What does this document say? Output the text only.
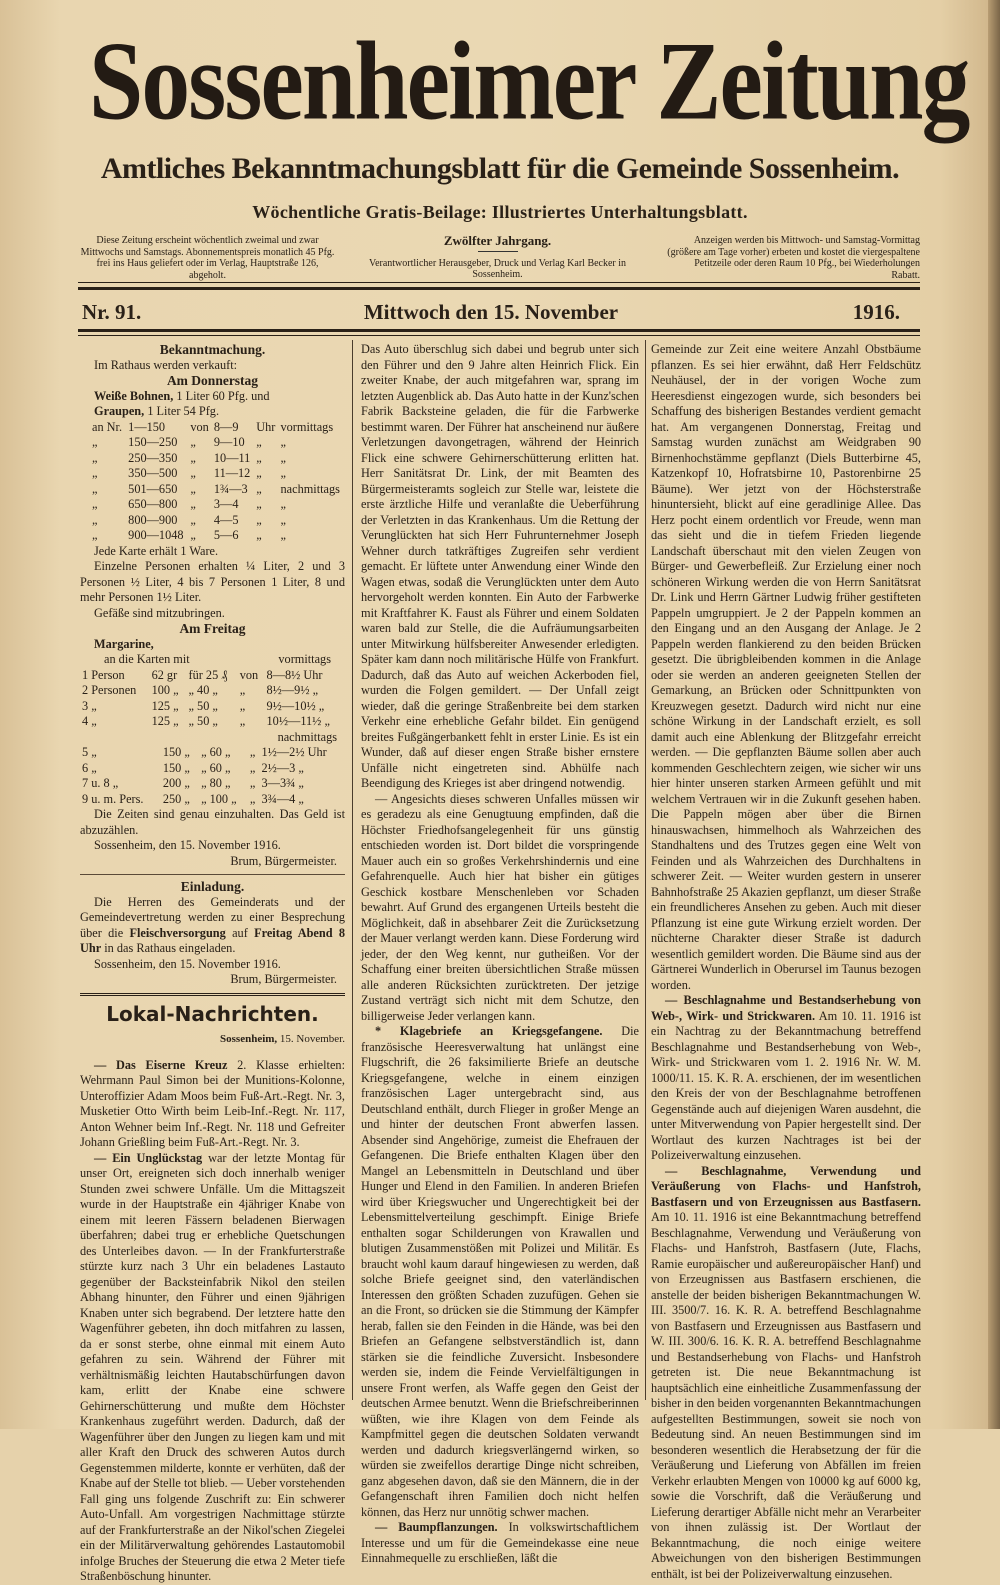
Sossenheimer Zeitung
Amtliches Bekanntmachungsblatt für die Gemeinde Sossenheim.
Wöchentliche Gratis-Beilage: Illustriertes Unterhaltungsblatt.
Diese Zeitung erscheint wöchentlich zweimal und zwar Mittwochs und Samstags. Abonnementspreis monatlich 45 Pfg. frei ins Haus geliefert oder im Verlag, Hauptstraße 126, abgeholt.
Zwölfter Jahrgang.
Verantwortlicher Herausgeber, Druck und Verlag Karl Becker in Sossenheim.
Anzeigen werden bis Mittwoch- und Samstag-Vormittag (größere am Tage vorher) erbeten und kostet die viergespaltene Petitzeile oder deren Raum 10 Pfg., bei Wiederholungen Rabatt.
Nr. 91.	Mittwoch den 15. November	1916.
Bekanntmachung.

Im Rathaus werden verkauft:

Am Donnerstag

Weiße Bohnen, 1 Liter 60 Pfg. und

Graupen, 1 Liter 54 Pfg.

an Nr.	1—150	von	8—9	Uhr	vormittags
„	150—250	„	9—10	„	„
„	250—350	„	10—11	„	„
„	350—500	„	11—12	„	„
„	501—650	„	1¾—3	„	nachmittags
„	650—800	„	3—4	„	„
„	800—900	„	4—5	„	„
„	900—1048	„	5—6	„	„

Jede Karte erhält 1 Ware.

Einzelne Personen erhalten ¼ Liter, 2 und 3 Personen ½ Liter, 4 bis 7 Personen 1 Liter, 8 und mehr Personen 1½ Liter.

Gefäße sind mitzubringen.

Am Freitag

Margarine,

an die Karten mit	vormittags
1 Person	62 gr	für 25 ₰	von	8—8½ Uhr
2 Personen	100 „	„ 40 „	„	8½—9½ „
3 „	125 „	„ 50 „	„	9½—10½ „
4 „	125 „	„ 50 „	„	10½—11½ „
nachmittags
5 „	150 „	„ 60 „	„	1½—2½ Uhr
6 „	150 „	„ 60 „	„	2½—3 „
7 u. 8 „	200 „	„ 80 „	„	3—3¾ „
9 u. m. Pers.	250 „	„ 100 „	„	3¾—4 „

Die Zeiten sind genau einzuhalten. Das Geld ist abzuzählen.

Sossenheim, den 15. November 1916.

Brum, Bürgermeister.
Einladung.

Die Herren des Gemeinderats und der Gemeindevertretung werden zu einer Besprechung über die Fleischversorgung auf Freitag Abend 8 Uhr in das Rathaus eingeladen.

Sossenheim, den 15. November 1916.

Brum, Bürgermeister.
Lokal-Nachrichten.
Sossenheim, 15. November.

— Das Eiserne Kreuz 2. Klasse erhielten: Wehrmann Paul Simon bei der Munitions-Kolonne, Unteroffizier Adam Moos beim Fuß-Art.-Regt. Nr. 3, Musketier Otto Wirth beim Leib-Inf.-Regt. Nr. 117, Anton Wehner beim Inf.-Regt. Nr. 118 und Gefreiter Johann Grießling beim Fuß-Art.-Regt. Nr. 3.

— Ein Unglückstag war der letzte Montag für unser Ort, ereigneten sich doch innerhalb weniger Stunden zwei schwere Unfälle. Um die Mittagszeit wurde in der Hauptstraße ein 4jähriger Knabe von einem mit leeren Fässern beladenen Bierwagen überfahren; dabei trug er erhebliche Quetschungen des Unterleibes davon. — In der Frankfurterstraße stürzte kurz nach 3 Uhr ein beladenes Lastauto gegenüber der Backsteinfabrik Nikol den steilen Abhang hinunter, den Führer und einen 9jährigen Knaben unter sich begrabend. Der letztere hatte den Wagenführer gebeten, ihn doch mitfahren zu lassen, da er sonst sterbe, ohne einmal mit einem Auto gefahren zu sein. Während der Führer mit verhältnismäßig leichten Hautabschürfungen davon kam, erlitt der Knabe eine schwere Gehirnerschütterung und mußte dem Höchster Krankenhaus zugeführt werden. Dadurch, daß der Wagenführer über den Jungen zu liegen kam und mit aller Kraft den Druck des schweren Autos durch Gegenstemmen milderte, konnte er verhüten, daß der Knabe auf der Stelle tot blieb. — Ueber vorstehenden Fall ging uns folgende Zuschrift zu: Ein schwerer Auto-Unfall. Am vorgestrigen Nachmittage stürzte auf der Frankfurterstraße an der Nikol'schen Ziegelei ein der Militärverwaltung gehörendes Lastautomobil infolge Bruches der Steuerung die etwa 2 Meter tiefe Straßenböschung hinunter.

Das Auto überschlug sich dabei und begrub unter sich den Führer und den 9 Jahre alten Heinrich Flick. Ein zweiter Knabe, der auch mitgefahren war, sprang im letzten Augenblick ab. Das Auto hatte in der Kunz'schen Fabrik Backsteine geladen, die für die Farbwerke bestimmt waren. Der Führer hat anscheinend nur äußere Verletzungen davongetragen, während der Heinrich Flick eine schwere Gehirnerschütterung erlitten hat. Herr Sanitätsrat Dr. Link, der mit Beamten des Bürgermeisteramts sogleich zur Stelle war, leistete die erste ärztliche Hilfe und veranlaßte die Ueberführung der Verletzten in das Krankenhaus. Um die Rettung der Verunglückten hat sich Herr Fuhrunternehmer Joseph Wehner durch tatkräftiges Zugreifen sehr verdient gemacht. Er lüftete unter Anwendung einer Winde den Wagen etwas, sodaß die Verunglückten unter dem Auto hervorgeholt werden konnten. Ein Auto der Farbwerke mit Kraftfahrer K. Faust als Führer und einem Soldaten waren bald zur Stelle, die die Aufräumungsarbeiten unter Mitwirkung hülfsbereiter Anwesender erledigten. Später kam dann noch militärische Hülfe von Frankfurt. Dadurch, daß das Auto auf weichen Ackerboden fiel, wurden die Folgen gemildert. — Der Unfall zeigt wieder, daß die geringe Straßenbreite bei dem starken Verkehr eine erhebliche Gefahr bildet. Ein genügend breites Fußgängerbankett fehlt in erster Linie. Es ist ein Wunder, daß auf dieser engen Straße bisher ernstere Unfälle nicht eingetreten sind. Abhülfe nach Beendigung des Krieges ist aber dringend notwendig.

— Angesichts dieses schweren Unfalles müssen wir es geradezu als eine Genugtuung empfinden, daß die Höchster Friedhofsangelegenheit für uns günstig entschieden worden ist. Dort bildet die vorspringende Mauer auch ein so großes Verkehrshindernis und eine Gefahrenquelle. Auch hier hat bisher ein gütiges Geschick kostbare Menschenleben vor Schaden bewahrt. Auf Grund des ergangenen Urteils besteht die Möglichkeit, daß in absehbarer Zeit die Zurücksetzung der Mauer verlangt werden kann. Diese Forderung wird jeder, der den Weg kennt, nur gutheißen. Vor der Schaffung einer breiten übersichtlichen Straße müssen alle anderen Rücksichten zurücktreten. Der jetzige Zustand verträgt sich nicht mit dem Schutze, den billigerweise Jeder verlangen kann.

* Klagebriefe an Kriegsgefangene. Die französische Heeresverwaltung hat unlängst eine Flugschrift, die 26 faksimilierte Briefe an deutsche Kriegsgefangene, welche in einem einzigen französischen Lager untergebracht sind, aus Deutschland enthält, durch Flieger in großer Menge an und hinter der deutschen Front abwerfen lassen. Absender sind Angehörige, zumeist die Ehefrauen der Gefangenen. Die Briefe enthalten Klagen über den Mangel an Lebensmitteln in Deutschland und über Hunger und Elend in den Familien. In anderen Briefen wird über Kriegswucher und Ungerechtigkeit bei der Lebensmittelverteilung geschimpft. Einige Briefe enthalten sogar Schilderungen von Krawallen und blutigen Zusammenstößen mit Polizei und Militär. Es braucht wohl kaum darauf hingewiesen zu werden, daß solche Briefe geeignet sind, den vaterländischen Interessen den größten Schaden zuzufügen. Gehen sie an die Front, so drücken sie die Stimmung der Kämpfer herab, fallen sie den Feinden in die Hände, was bei den Briefen an Gefangene selbstverständlich ist, dann stärken sie die feindliche Zuversicht. Insbesondere werden sie, indem die Feinde Vervielfältigungen in unsere Front werfen, als Waffe gegen den Geist der deutschen Armee benutzt. Wenn die Briefschreiberinnen wüßten, wie ihre Klagen von dem Feinde als Kampfmittel gegen die deutschen Soldaten verwandt werden und dadurch kriegsverlängernd wirken, so würden sie zweifellos derartige Dinge nicht schreiben, ganz abgesehen davon, daß sie den Männern, die in der Gefangenschaft ihren Familien doch nicht helfen können, das Herz nur unnötig schwer machen.

— Baumpflanzungen. In volkswirtschaftlichem Interesse und um für die Gemeindekasse eine neue Einnahmequelle zu erschließen, läßt die

Gemeinde zur Zeit eine weitere Anzahl Obstbäume pflanzen. Es sei hier erwähnt, daß Herr Feldschütz Neuhäusel, der in der vorigen Woche zum Heeresdienst eingezogen wurde, sich besonders bei Schaffung des bisherigen Bestandes verdient gemacht hat. Am vergangenen Donnerstag, Freitag und Samstag wurden zunächst am Weidgraben 90 Birnenhochstämme gepflanzt (Diels Butterbirne 45, Katzenkopf 10, Hofratsbirne 10, Pastorenbirne 25 Bäume). Wer jetzt von der Höchsterstraße hinuntersieht, blickt auf eine geradlinige Allee. Das Herz pocht einem ordentlich vor Freude, wenn man das sieht und die in tiefem Frieden liegende Landschaft überschaut mit den vielen Zeugen von Bürger- und Gewerbefleiß. Zur Erzielung einer noch schöneren Wirkung werden die von Herrn Sanitätsrat Dr. Link und Herrn Gärtner Ludwig früher gestifteten Pappeln umgruppiert. Je 2 der Pappeln kommen an den Eingang und an den Ausgang der Anlage. Je 2 Pappeln werden flankierend zu den beiden Brücken gesetzt. Die übrigbleibenden kommen in die Anlage oder sie werden an anderen geeigneten Stellen der Gemarkung, an Brücken oder Schnittpunkten von Kreuzwegen gesetzt. Dadurch wird nicht nur eine schöne Wirkung in der Landschaft erzielt, es soll damit auch eine Ablenkung der Blitzgefahr erreicht werden. — Die gepflanzten Bäume sollen aber auch kommenden Geschlechtern zeigen, wie sicher wir uns hier hinter unseren starken Armeen gefühlt und mit welchem Vertrauen wir in die Zukunft gesehen haben. Die Pappeln mögen aber über die Birnen hinauswachsen, himmelhoch als Wahrzeichen des Standhaltens und des Trutzes gegen eine Welt von Feinden und als Wahrzeichen des Durchhaltens in schwerer Zeit. — Weiter wurden gestern in unserer Bahnhofstraße 25 Akazien gepflanzt, um dieser Straße ein freundlicheres Ansehen zu geben. Auch mit dieser Pflanzung ist eine gute Wirkung erzielt worden. Der nüchterne Charakter dieser Straße ist dadurch wesentlich gemildert worden. Die Bäume sind aus der Gärtnerei Wunderlich in Oberursel im Taunus bezogen worden.

— Beschlagnahme und Bestandserhebung von Web-, Wirk- und Strickwaren. Am 10. 11. 1916 ist ein Nachtrag zu der Bekanntmachung betreffend Beschlagnahme und Bestandserhebung von Web-, Wirk- und Strickwaren vom 1. 2. 1916 Nr. W. M. 1000/11. 15. K. R. A. erschienen, der im wesentlichen den Kreis der von der Beschlagnahme betroffenen Gegenstände auch auf diejenigen Waren ausdehnt, die unter Mitverwendung von Papier hergestellt sind. Der Wortlaut des kurzen Nachtrages ist bei der Polizeiverwaltung einzusehen.

— Beschlagnahme, Verwendung und Veräußerung von Flachs- und Hanfstroh, Bastfasern und von Erzeugnissen aus Bastfasern. Am 10. 11. 1916 ist eine Bekanntmachung betreffend Beschlagnahme, Verwendung und Veräußerung von Flachs- und Hanfstroh, Bastfasern (Jute, Flachs, Ramie europäischer und außereuropäischer Hanf) und von Erzeugnissen aus Bastfasern erschienen, die anstelle der beiden bisherigen Bekanntmachungen W. III. 3500/7. 16. K. R. A. betreffend Beschlagnahme von Bastfasern und Erzeugnissen aus Bastfasern und W. III. 300/6. 16. K. R. A. betreffend Beschlagnahme und Bestandserhebung von Flachs- und Hanfstroh getreten ist. Die neue Bekanntmachung ist hauptsächlich eine einheitliche Zusammenfassung der bisher in den beiden vorgenannten Bekanntmachungen aufgestellten Bestimmungen, soweit sie noch von Bedeutung sind. An neuen Bestimmungen sind im besonderen wesentlich die Herabsetzung der für die Veräußerung und Lieferung von Abfällen im freien Verkehr erlaubten Mengen von 10000 kg auf 6000 kg, sowie die Vorschrift, daß die Veräußerung und Lieferung derartiger Abfälle nicht mehr an Verarbeiter von ihnen zulässig ist. Der Wortlaut der Bekanntmachung, die noch einige weitere Abweichungen von den bisherigen Bestimmungen enthält, ist bei der Polizeiverwaltung einzusehen.
